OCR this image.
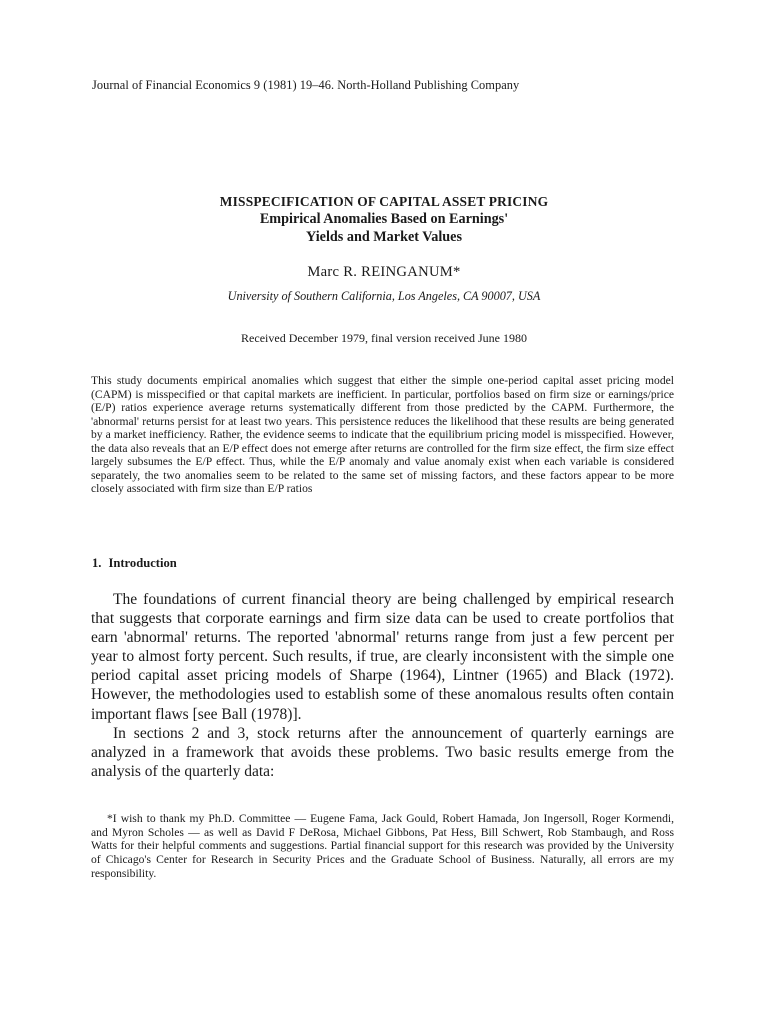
Journal of Financial Economics 9 (1981) 19–46. North-Holland Publishing Company
MISSPECIFICATION OF CAPITAL ASSET PRICING
Empirical Anomalies Based on Earnings'
Yields and Market Values
Marc R. REINGANUM*
University of Southern California, Los Angeles, CA 90007, USA
Received December 1979, final version received June 1980

This study documents empirical anomalies which suggest that either the simple one-period capital asset pricing model (CAPM) is misspecified or that capital markets are inefficient. In particular, portfolios based on firm size or earnings/price (E/P) ratios experience average returns systematically different from those predicted by the CAPM. Furthermore, the 'abnormal' returns persist for at least two years. This persistence reduces the likelihood that these results are being generated by a market inefficiency. Rather, the evidence seems to indicate that the equilibrium pricing model is misspecified. However, the data also reveals that an E/P effect does not emerge after returns are controlled for the firm size effect, the firm size effect largely subsumes the E/P effect. Thus, while the E/P anomaly and value anomaly exist when each variable is considered separately, the two anomalies seem to be related to the same set of missing factors, and these factors appear to be more closely associated with firm size than E/P ratios

1. Introduction

The foundations of current financial theory are being challenged by empirical research that suggests that corporate earnings and firm size data can be used to create portfolios that earn 'abnormal' returns. The reported 'abnormal' returns range from just a few percent per year to almost forty percent. Such results, if true, are clearly inconsistent with the simple one period capital asset pricing models of Sharpe (1964), Lintner (1965) and Black (1972). However, the methodologies used to establish some of these anomalous results often contain important flaws [see Ball (1978)].

In sections 2 and 3, stock returns after the announcement of quarterly earnings are analyzed in a framework that avoids these problems. Two basic results emerge from the analysis of the quarterly data:

*I wish to thank my Ph.D. Committee — Eugene Fama, Jack Gould, Robert Hamada, Jon Ingersoll, Roger Kormendi, and Myron Scholes — as well as David F DeRosa, Michael Gibbons, Pat Hess, Bill Schwert, Rob Stambaugh, and Ross Watts for their helpful comments and suggestions. Partial financial support for this research was provided by the University of Chicago's Center for Research in Security Prices and the Graduate School of Business. Naturally, all errors are my responsibility.
